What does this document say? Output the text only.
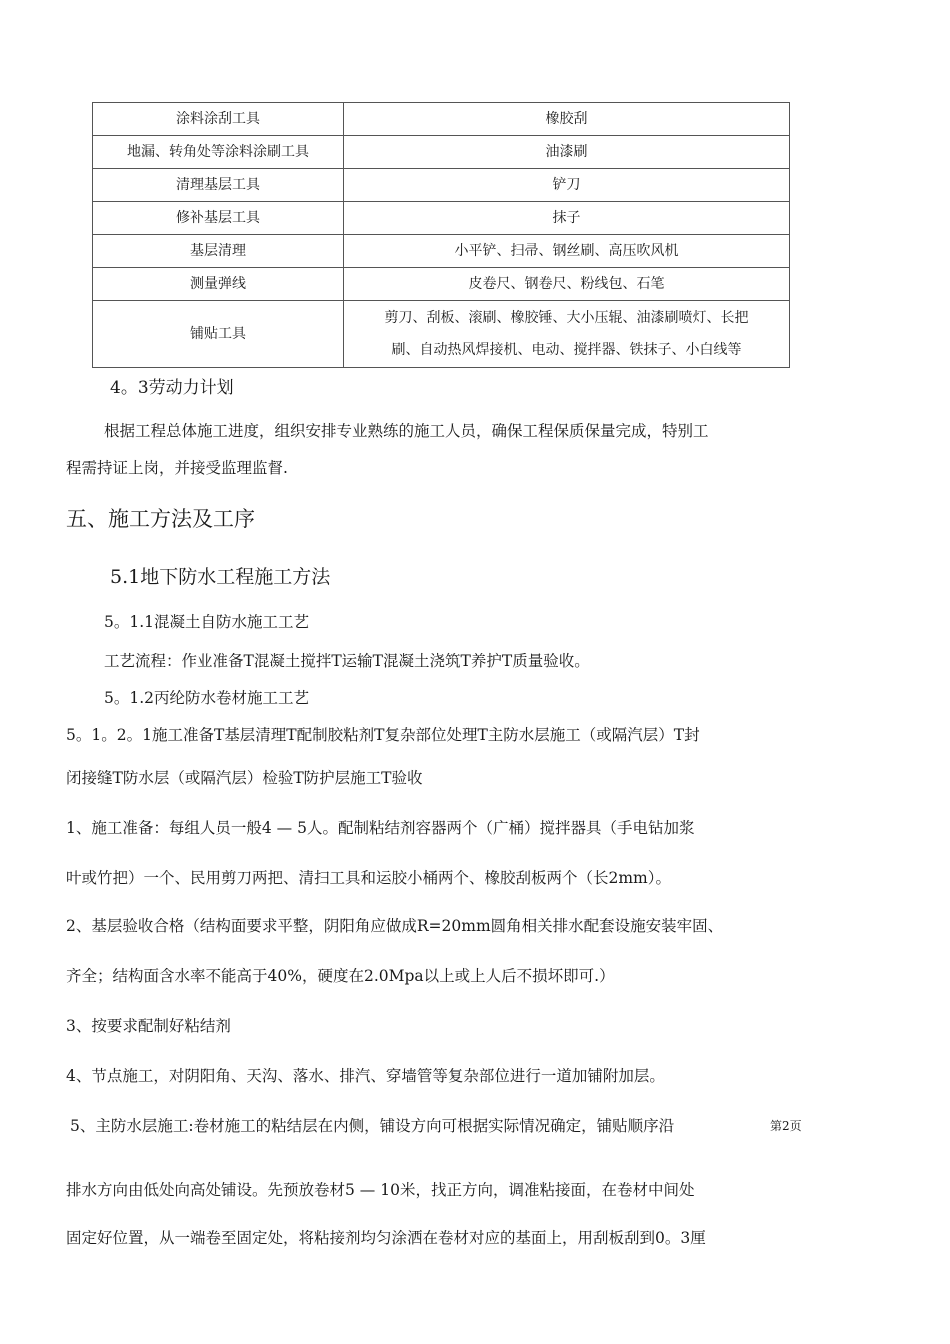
涂料涂刮工具	橡胶刮
地漏、转角处等涂料涂刷工具	油漆刷
清理基层工具	铲刀
修补基层工具	抹子
基层清理	小平铲、扫帚、钢丝刷、高压吹风机
测量弹线	皮卷尺、钢卷尺、粉线包、石笔
铺贴工具	剪刀、刮板、滚刷、橡胶锤、大小压辊、油漆刷喷灯、长把
刷、自动热风焊接机、电动、搅拌器、铁抹子、小白线等
4。3劳动力计划
根据工程总体施工进度，组织安排专业熟练的施工人员，确保工程保质保量完成，特别工
程需持证上岗，并接受监理监督.
五、施工方法及工序
5.1地下防水工程施工方法
5。1.1混凝土自防水施工工艺
工艺流程：作业准备T混凝土搅拌T运输T混凝土浇筑T养护T质量验收。
5。1.2丙纶防水卷材施工工艺
5。1。2。1施工准备T基层清理T配制胶粘剂T复杂部位处理T主防水层施工（或隔汽层）T封
闭接缝T防水层（或隔汽层）检验T防护层施工T验收
1、施工准备：每组人员一般4 — 5人。配制粘结剂容器两个（广桶）搅拌器具（手电钻加浆
叶或竹把）一个、民用剪刀两把、清扫工具和运胶小桶两个、橡胶刮板两个（长2mm）。
2、基层验收合格（结构面要求平整，阴阳角应做成R=20mm圆角相关排水配套设施安装牢固、
齐全；结构面含水率不能高于40%，硬度在2.0Mpa以上或上人后不损坏即可.）
3、按要求配制好粘结剂
4、节点施工，对阴阳角、天沟、落水、排汽、穿墙管等复杂部位进行一道加铺附加层。
5、主防水层施工:卷材施工的粘结层在内侧，铺设方向可根据实际情况确定，铺贴顺序沿	第2页
排水方向由低处向高处铺设。先预放卷材5 — 10米，找正方向，调准粘接面，在卷材中间处
固定好位置，从一端卷至固定处，将粘接剂均匀涂洒在卷材对应的基面上，用刮板刮到0。3厘
